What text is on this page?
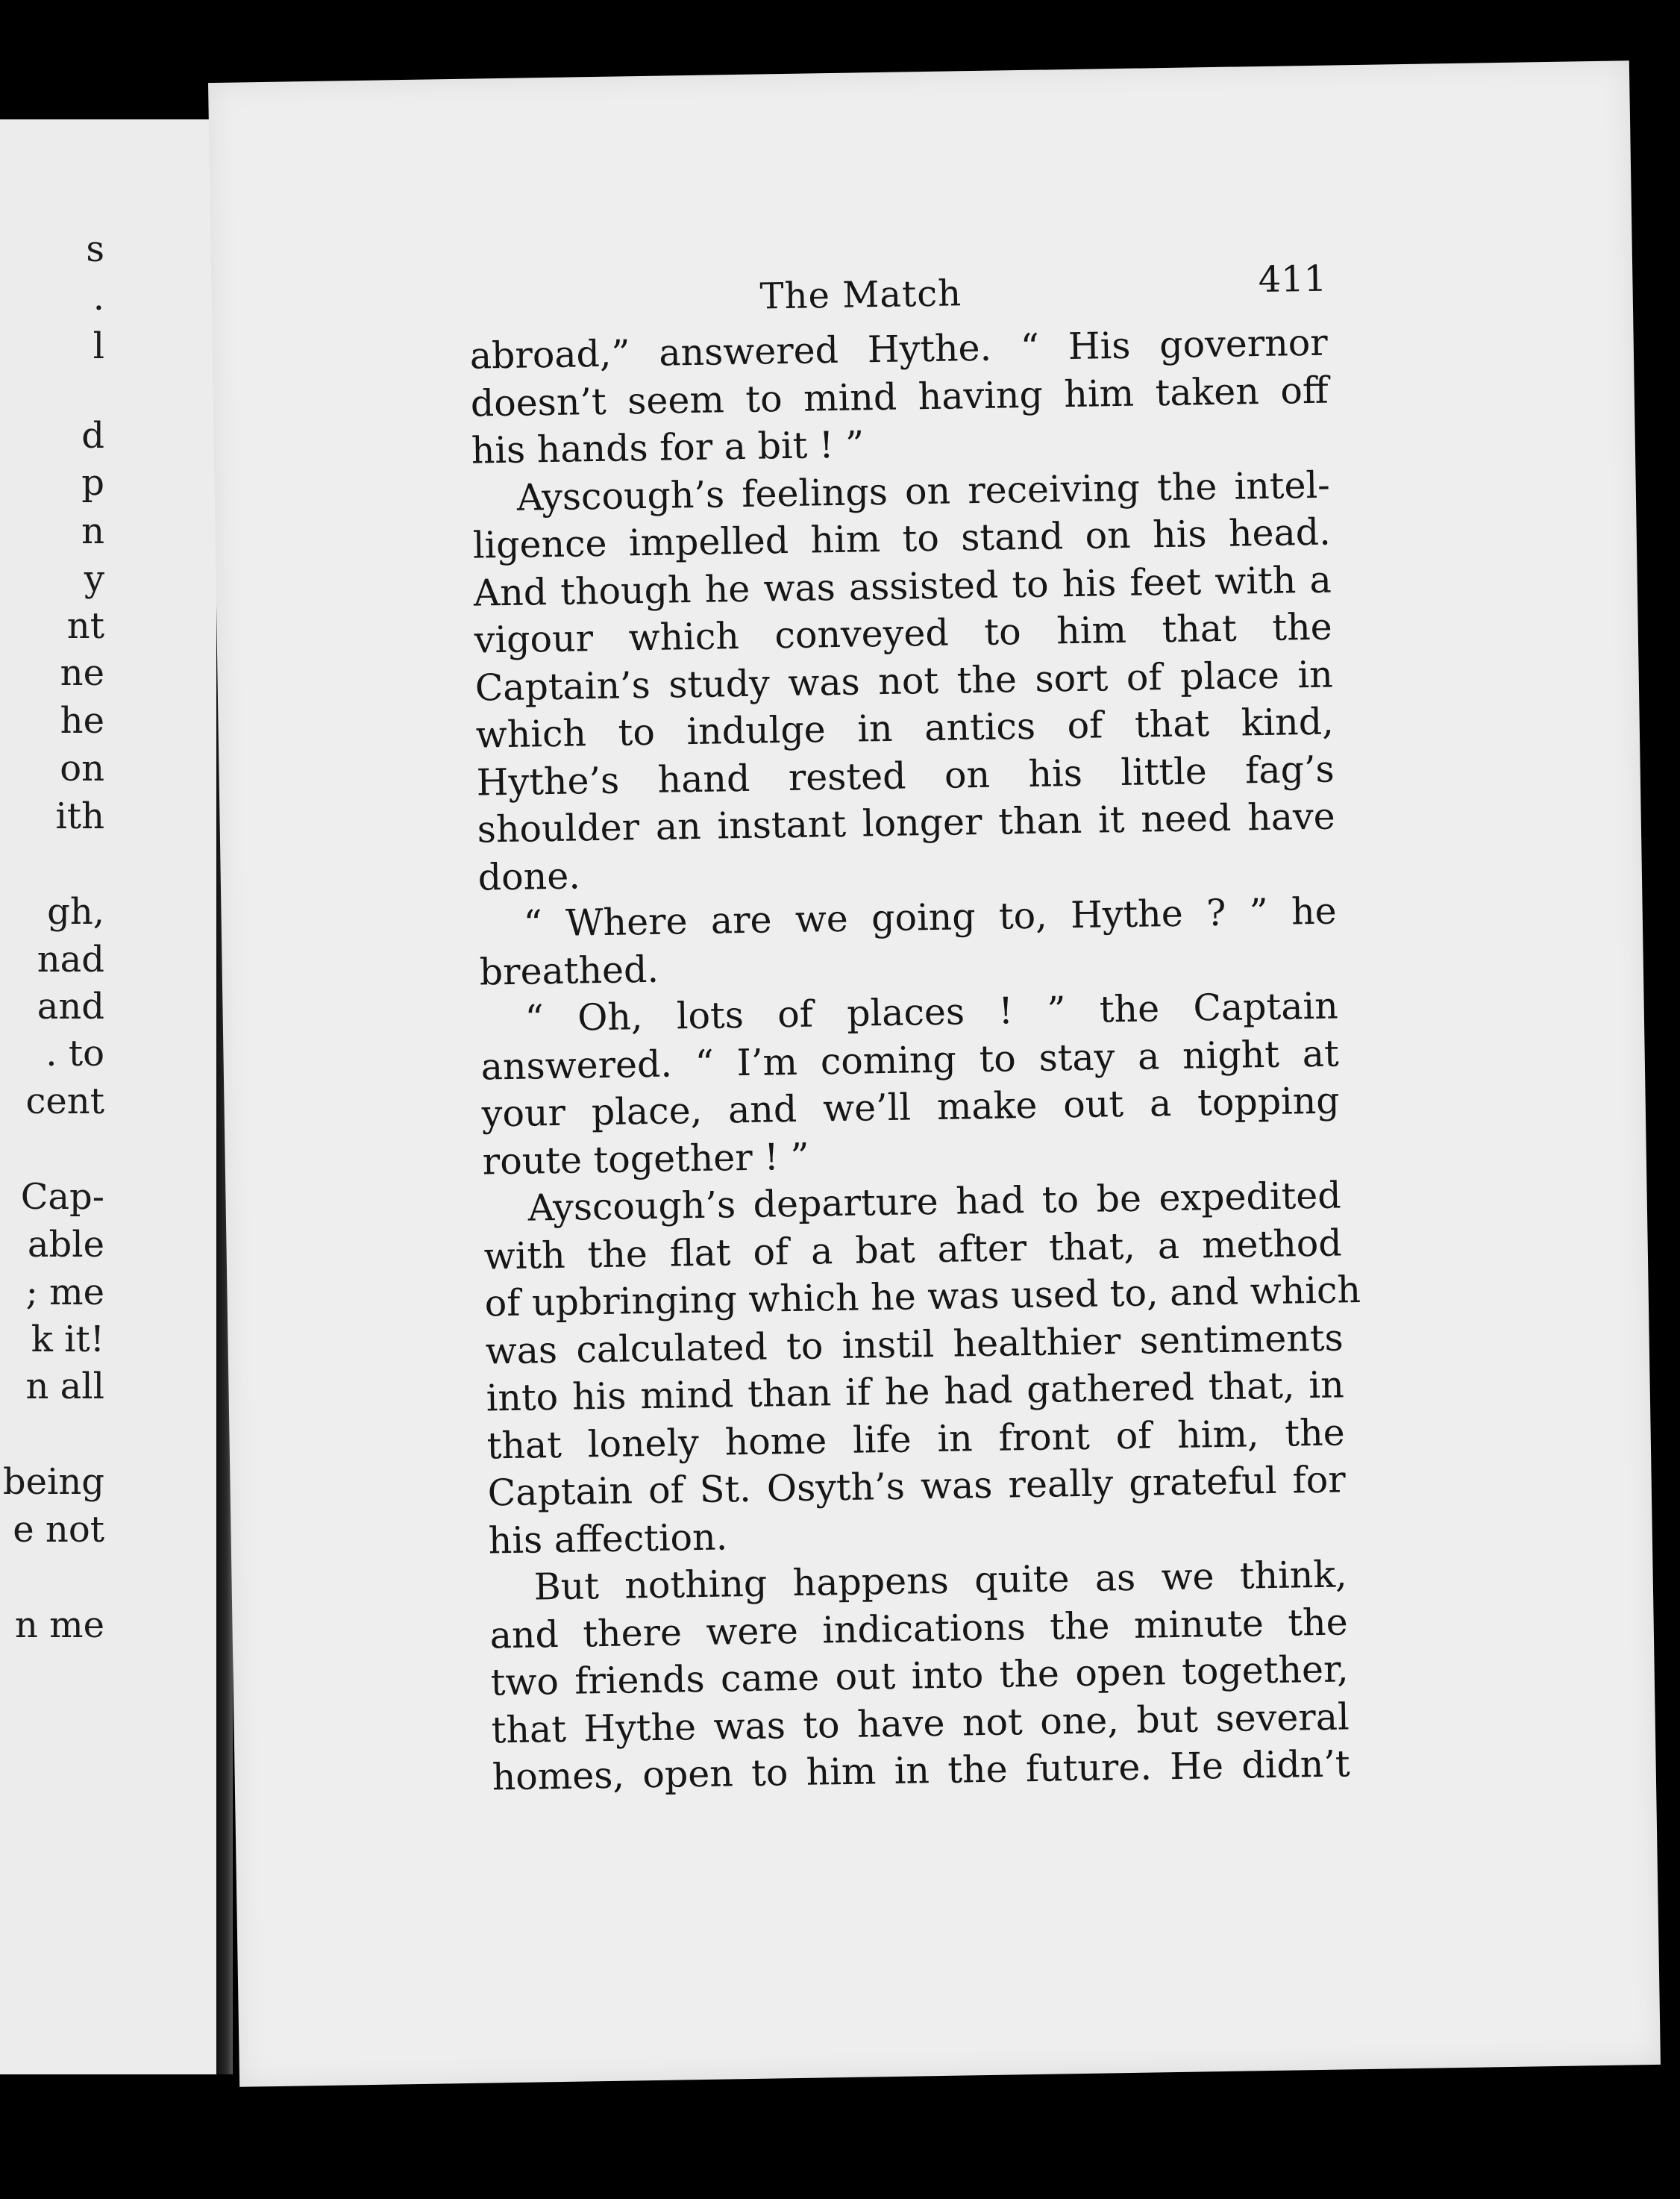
s
.
l
d
p
n
y
nt
ne
he
on
ith
gh,
nad
and
. to
cent
Cap-
able
; me
k it!
n all
being
e not
n me
The Match	411
abroad,” answered Hythe. “ His governor
doesn’t seem to mind having him taken off
his hands for a bit ! ”
Ayscough’s feelings on receiving the intel-
ligence impelled him to stand on his head.
And though he was assisted to his feet with a
vigour which conveyed to him that the
Captain’s study was not the sort of place in
which to indulge in antics of that kind,
Hythe’s hand rested on his little fag’s
shoulder an instant longer than it need have
done.
“ Where are we going to, Hythe ? ” he
breathed.
“ Oh, lots of places ! ” the Captain
answered. “ I’m coming to stay a night at
your place, and we’ll make out a topping
route together ! ”
Ayscough’s departure had to be expedited
with the flat of a bat after that, a method
of upbringing which he was used to, and which
was calculated to instil healthier sentiments
into his mind than if he had gathered that, in
that lonely home life in front of him, the
Captain of St. Osyth’s was really grateful for
his affection.
But nothing happens quite as we think,
and there were indications the minute the
two friends came out into the open together,
that Hythe was to have not one, but several
homes, open to him in the future. He didn’t
